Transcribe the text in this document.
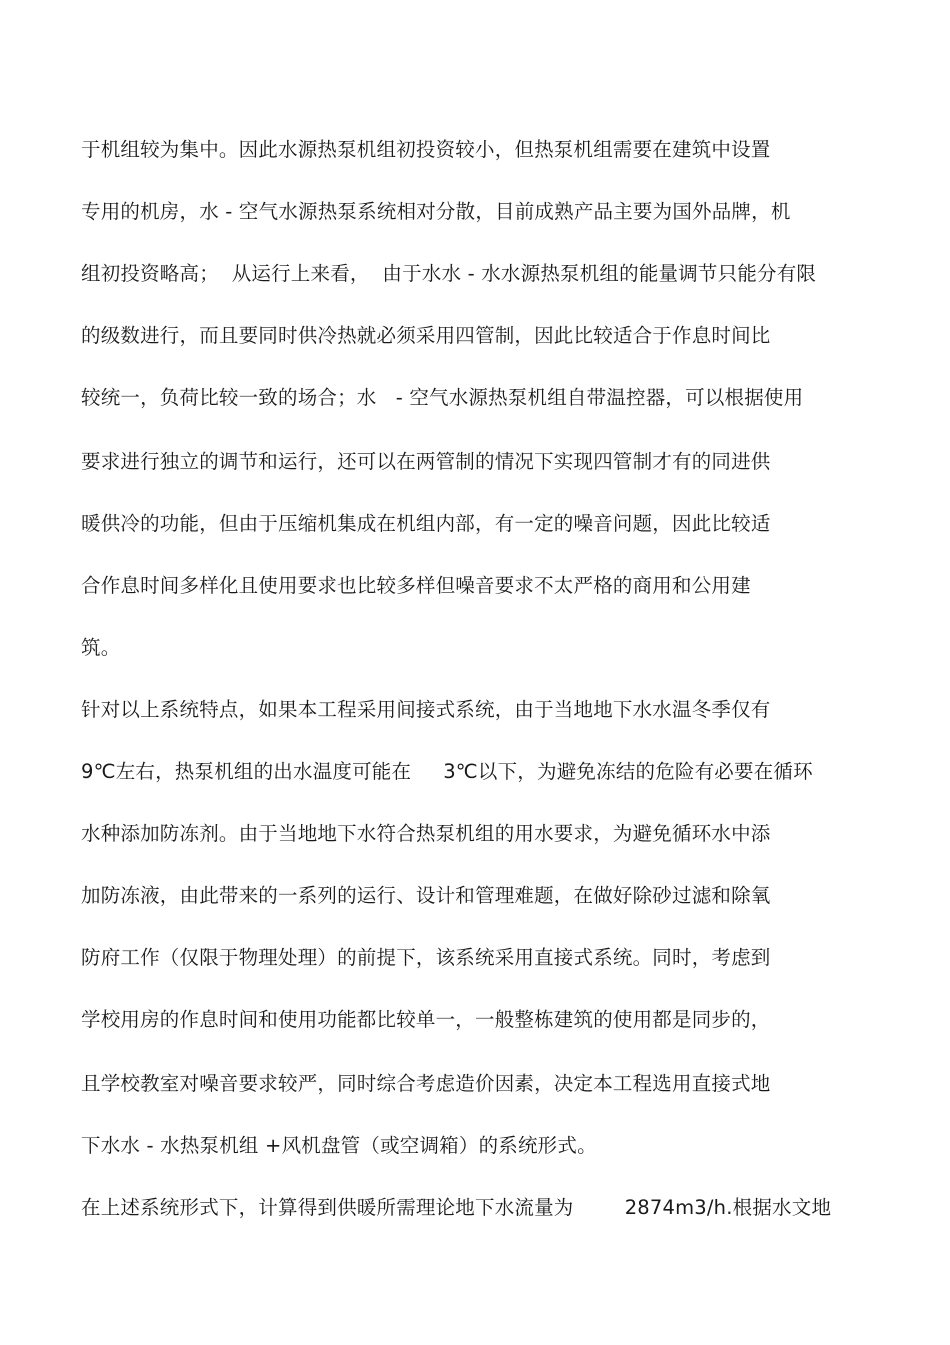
于机组较为集中。因此水源热泵机组初投资较小，但热泵机组需要在建筑中设置
专用的机房，水 - 空气水源热泵系统相对分散，目前成熟产品主要为国外品牌，机
组初投资略高；  从运行上来看，  由于水水 - 水水源热泵机组的能量调节只能分有限
的级数进行，而且要同时供冷热就必须采用四管制，因此比较适合于作息时间比
较统一，负荷比较一致的场合；水   - 空气水源热泵机组自带温控器，可以根据使用
要求进行独立的调节和运行，还可以在两管制的情况下实现四管制才有的同进供
暖供冷的功能，但由于压缩机集成在机组内部，有一定的噪音问题，因此比较适
合作息时间多样化且使用要求也比较多样但噪音要求不太严格的商用和公用建
筑。
针对以上系统特点，如果本工程采用间接式系统，由于当地地下水水温冬季仅有
9℃左右，热泵机组的出水温度可能在     3℃以下，为避免冻结的危险有必要在循环
水种添加防冻剂。由于当地地下水符合热泵机组的用水要求，为避免循环水中添
加防冻液，由此带来的一系列的运行、设计和管理难题，在做好除砂过滤和除氧
防府工作（仅限于物理处理）的前提下，该系统采用直接式系统。同时，考虑到
学校用房的作息时间和使用功能都比较单一，一般整栋建筑的使用都是同步的，
且学校教室对噪音要求较严，同时综合考虑造价因素，决定本工程选用直接式地
下水水 - 水热泵机组 +风机盘管（或空调箱）的系统形式。
在上述系统形式下，计算得到供暖所需理论地下水流量为        2874m3/h.根据水文地
